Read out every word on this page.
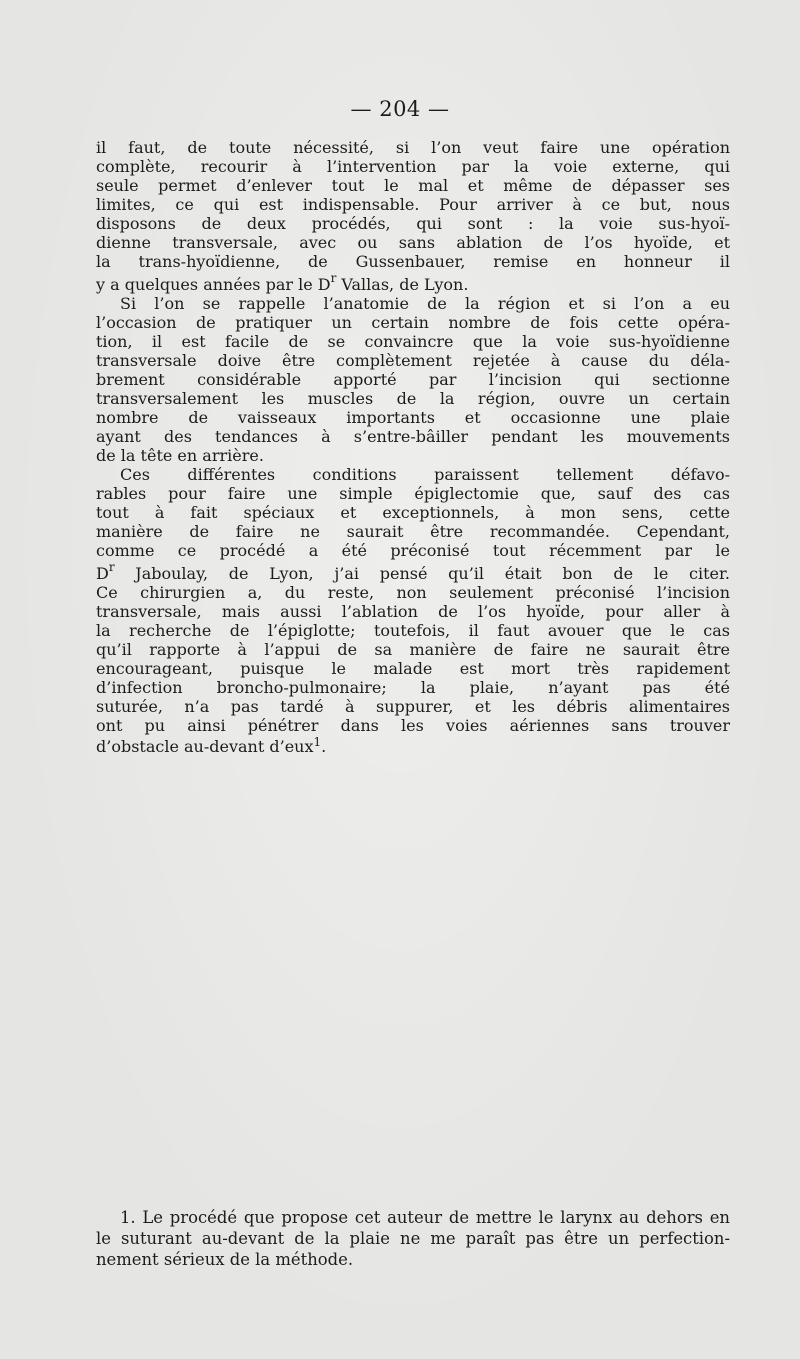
— 204 —
il faut, de toute nécessité, si l’on veut faire une opération
complète, recourir à l’intervention par la voie externe, qui
seule permet d’enlever tout le mal et même de dépasser ses
limites, ce qui est indispensable. Pour arriver à ce but, nous
disposons de deux procédés, qui sont : la voie sus-hyoï-
dienne transversale, avec ou sans ablation de l’os hyoïde, et
la trans-hyoïdienne, de Gussenbauer, remise en honneur il
y a quelques années par le $D^r$ Vallas, de Lyon.
Si l’on se rappelle l’anatomie de la région et si l’on a eu
l’occasion de pratiquer un certain nombre de fois cette opéra-
tion, il est facile de se convaincre que la voie sus-hyoïdienne
transversale doive être complètement rejetée à cause du déla-
brement considérable apporté par l’incision qui sectionne
transversalement les muscles de la région, ouvre un certain
nombre de vaisseaux importants et occasionne une plaie
ayant des tendances à s’entre-bâiller pendant les mouvements
de la tête en arrière.
Ces différentes conditions paraissent tellement défavo-
rables pour faire une simple épiglectomie que, sauf des cas
tout à fait spéciaux et exceptionnels, à mon sens, cette
manière de faire ne saurait être recommandée. Cependant,
comme ce procédé a été préconisé tout récemment par le
$D^r$ Jaboulay, de Lyon, j’ai pensé qu’il était bon de le citer.
Ce chirurgien a, du reste, non seulement préconisé l’incision
transversale, mais aussi l’ablation de l’os hyoïde, pour aller à
la recherche de l’épiglotte; toutefois, il faut avouer que le cas
qu’il rapporte à l’appui de sa manière de faire ne saurait être
encourageant, puisque le malade est mort très rapidement
d’infection broncho-pulmonaire; la plaie, n’ayant pas été
suturée, n’a pas tardé à suppurer, et les débris alimentaires
ont pu ainsi pénétrer dans les voies aériennes sans trouver
d’obstacle au-devant d’eux$^1$.
1. Le procédé que propose cet auteur de mettre le larynx au dehors en
le suturant au-devant de la plaie ne me paraît pas être un perfection-
nement sérieux de la méthode.
